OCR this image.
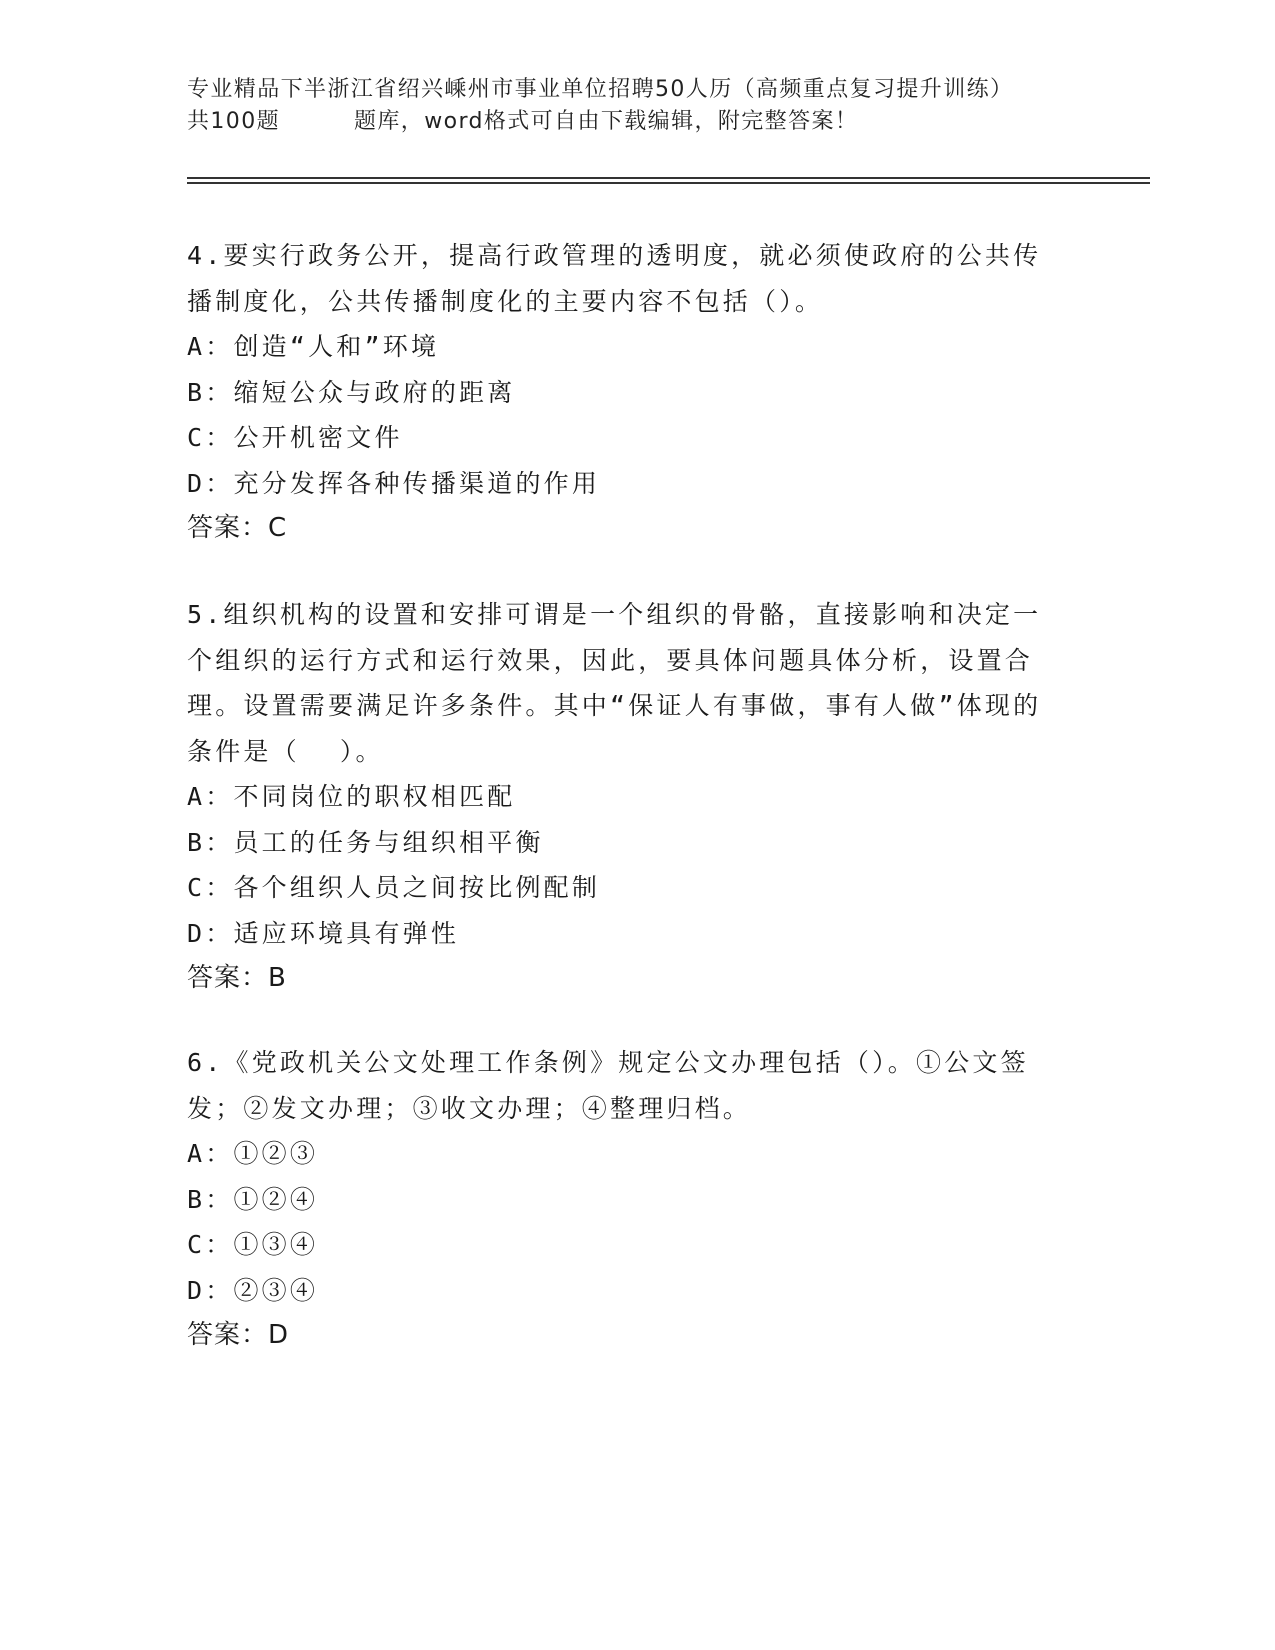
专业精品下半浙江省绍兴嵊州市事业单位招聘50人历（高频重点复习提升训练）
共100题	题库，word格式可自由下载编辑，附完整答案！
4.要实行政务公开，提高行政管理的透明度，就必须使政府的公共传播制度化，公共传播制度化的主要内容不包括（）。
A：创造“人和”环境
B：缩短公众与政府的距离
C：公开机密文件
D：充分发挥各种传播渠道的作用
答案：C
5.组织机构的设置和安排可谓是一个组织的骨骼，直接影响和决定一个组织的运行方式和运行效果，因此，要具体问题具体分析，设置合理。设置需要满足许多条件。其中“保证人有事做，事有人做”体现的条件是（ ）。
A：不同岗位的职权相匹配
B：员工的任务与组织相平衡
C：各个组织人员之间按比例配制
D：适应环境具有弹性
答案：B
6.《党政机关公文处理工作条例》规定公文办理包括（）。①公文签发；②发文办理；③收文办理；④整理归档。
A：①②③
B：①②④
C：①③④
D：②③④
答案：D
